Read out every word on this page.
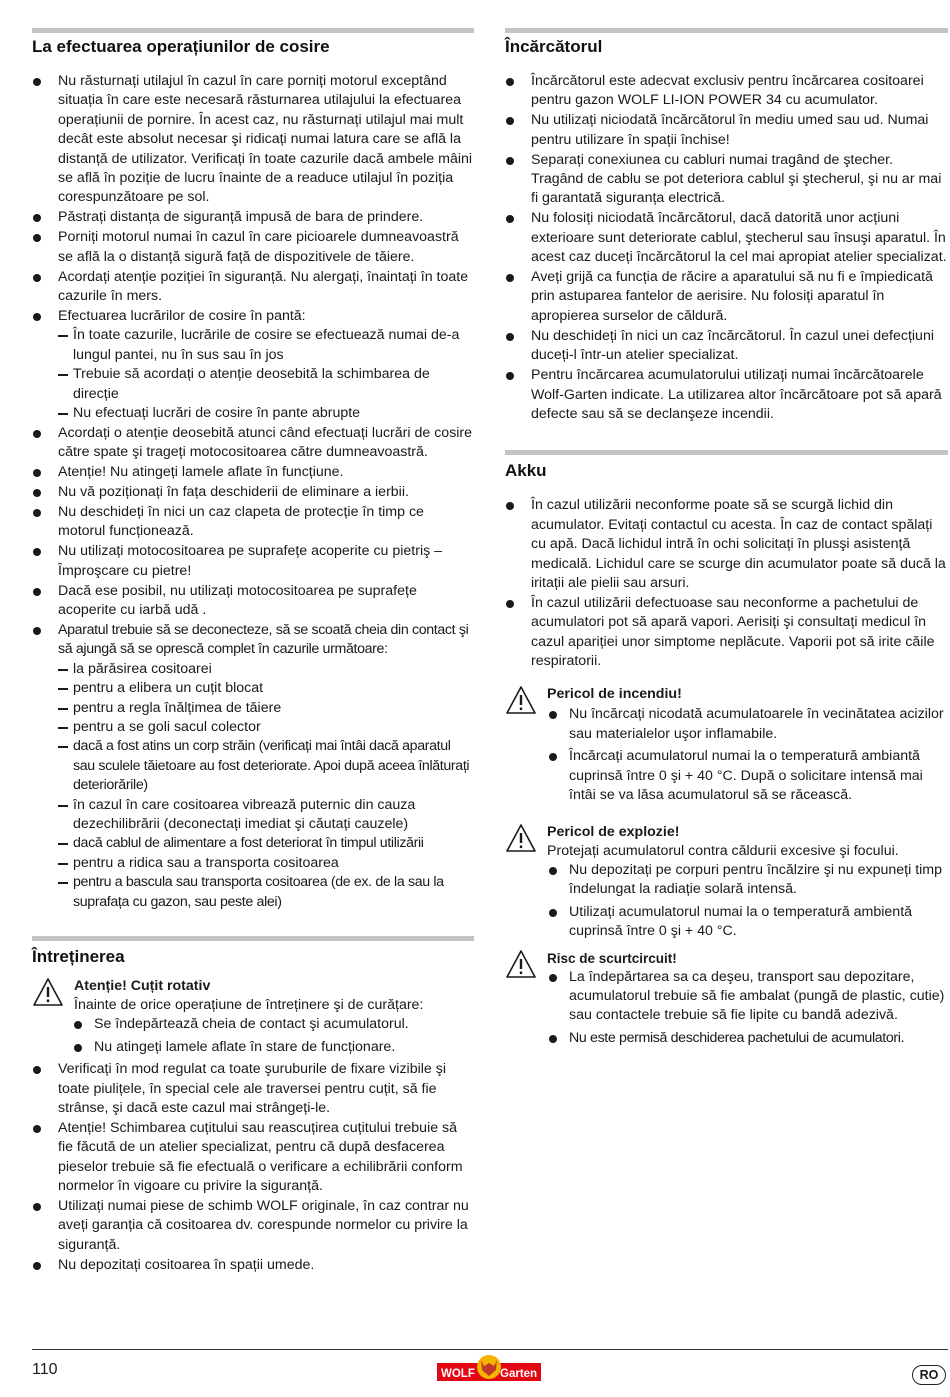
La efectuarea operațiunilor de cosire
Nu răsturnați utilajul în cazul în care porniți motorul exceptând situația în care este necesară răsturnarea utilajului la efectuarea operațiunii de pornire. În acest caz, nu răsturnați utilajul mai mult decât este absolut necesar şi ridicați numai latura care se află la distanță de utilizator. Verificați în toate cazurile dacă ambele mâini se află în poziție de lucru înainte de a readuce utilajul în poziția corespunzătoare pe sol.
Păstrați distanța de siguranță impusă de bara de prindere.
Porniți motorul numai în cazul în care picioarele dumneavoastră se află la o distanță sigură față de dispozitivele de tăiere.
Acordați atenție poziției în siguranță. Nu alergați, înaintați în toate cazurile în mers.
Efectuarea lucrărilor de cosire în pantă:
În toate cazurile, lucrările de cosire se efectuează numai de-a lungul pantei, nu în sus sau în jos
Trebuie să acordați o atenție deosebită la schimbarea de direcție
Nu efectuați lucrări de cosire în pante abrupte
Acordați o atenție deosebită atunci când efectuați lucrări de cosire către spate şi trageți motocositoarea către dumneavoastră.
Atenție! Nu atingeți lamele aflate în funcțiune.
Nu vă poziționați în fața deschiderii de eliminare a ierbii.
Nu deschideți în nici un caz clapeta de protecție în timp ce motorul funcționează.
Nu utilizați motocositoarea pe suprafețe acoperite cu pietriş – Împroşcare cu pietre!
Dacă ese posibil, nu utilizați motocositoarea pe suprafețe acoperite cu iarbă udă .
Aparatul trebuie să se deconecteze, să se scoată cheia din contact şi să ajungă să se oprescă complet în cazurile următoare:
la părăsirea cositoarei
pentru a elibera un cuțit blocat
pentru a regla înălțimea de tăiere
pentru a se goli sacul colector
dacă a fost atins un corp străin (verificați mai întâi dacă aparatul sau sculele tăietoare au fost deteriorate. Apoi după aceea înlăturați deteriorările)
în cazul în care cositoarea vibrează puternic din cauza dezechilibrării (deconectați imediat şi căutați cauzele)
dacă cablul de alimentare a fost deteriorat în timpul utilizării
pentru a ridica sau a transporta cositoarea
pentru a bascula sau transporta cositoarea (de ex. de la sau la suprafața cu gazon, sau peste alei)
Întreținerea
Atenție! Cuțit rotativ
Înainte de orice operațiune de întreținere şi de curățare:
Se îndepărtează cheia de contact şi acumulatorul.
Nu atingeți lamele aflate în stare de funcționare.
Verificați în mod regulat ca toate şuruburile de fixare vizibile şi toate piulițele, în special cele ale traversei pentru cuțit, să fie strânse, şi dacă este cazul mai strângeți-le.
Atenție! Schimbarea cuțitului sau reascuțirea cuțitului trebuie să fie făcută de un atelier specializat, pentru că după desfacerea pieselor trebuie să fie efectuală o verificare a echilibrării conform normelor în vigoare cu privire la siguranță.
Utilizați numai piese de schimb WOLF originale, în caz contrar nu aveți garanția că cositoarea dv. corespunde normelor cu privire la siguranță.
Nu depozitați cositoarea în spații umede.
Încărcătorul
Încărcătorul este adecvat exclusiv pentru încărcarea cositoarei pentru gazon WOLF LI-ION POWER 34 cu acumulator.
Nu utilizați niciodată încărcătorul în mediu umed sau ud. Numai pentru utilizare în spații închise!
Separați conexiunea cu cabluri numai tragând de ştecher. Tragând de cablu se pot deteriora cablul şi ştecherul, şi nu ar mai fi garantată siguranța electrică.
Nu folosiți niciodată încărcătorul, dacă datorită unor acțiuni exterioare sunt deteriorate cablul, ştecherul sau însuşi aparatul. În acest caz duceți încărcătorul la cel mai apropiat atelier specializat.
Aveți grijă ca funcția de răcire a aparatului să nu fi e împiedicată prin astuparea fantelor de aerisire. Nu folosiți aparatul în apropierea surselor de căldură.
Nu deschideți în nici un caz încărcătorul. În cazul unei defecțiuni duceți-l într-un atelier specializat.
Pentru încărcarea acumulatorului utilizați numai încărcătoarele Wolf-Garten indicate. La utilizarea altor încărcătoare pot să apară defecte sau să se declanşeze incendii.
Akku
În cazul utilizării neconforme poate să se scurgă lichid din acumulator. Evitați contactul cu acesta. În caz de contact spălați cu apă. Dacă lichidul intră în ochi solicitați în plusşi asistență medicală. Lichidul care se scurge din acumulator poate să ducă la iritații ale pielii sau arsuri.
În cazul utilizării defectuoase sau neconforme a pachetului de acumulatori pot să apară vapori. Aerisiți şi consultați medicul în cazul apariției unor simptome neplăcute. Vaporii pot să irite căile respiratorii.
Pericol de incendiu!
Nu încărcați nicodată acumulatoarele în vecinătatea acizilor sau materialelor uşor inflamabile.
Încărcați acumulatorul numai la o temperatură ambiantă cuprinsă între 0 şi + 40 °C. După o solicitare intensă mai întâi se va lăsa acumulatorul să se răcească.
Pericol de explozie!
Protejați acumulatorul contra căldurii excesive şi focului.
Nu depozitați pe corpuri pentru încălzire şi nu expuneți timp îndelungat la radiație solară intensă.
Utilizați acumulatorul numai la o temperatură ambientă cuprinsă între 0 şi + 40 °C.
Risc de scurtcircuit!
La îndepărtarea sa ca deşeu, transport sau depozitare, acumulatorul trebuie să fie ambalat (pungă de plastic, cutie) sau contactele trebuie să fie lipite cu bandă adezivă.
Nu este permisă deschiderea pachetului de acumulatori.
110	WOLF Garten	RO
